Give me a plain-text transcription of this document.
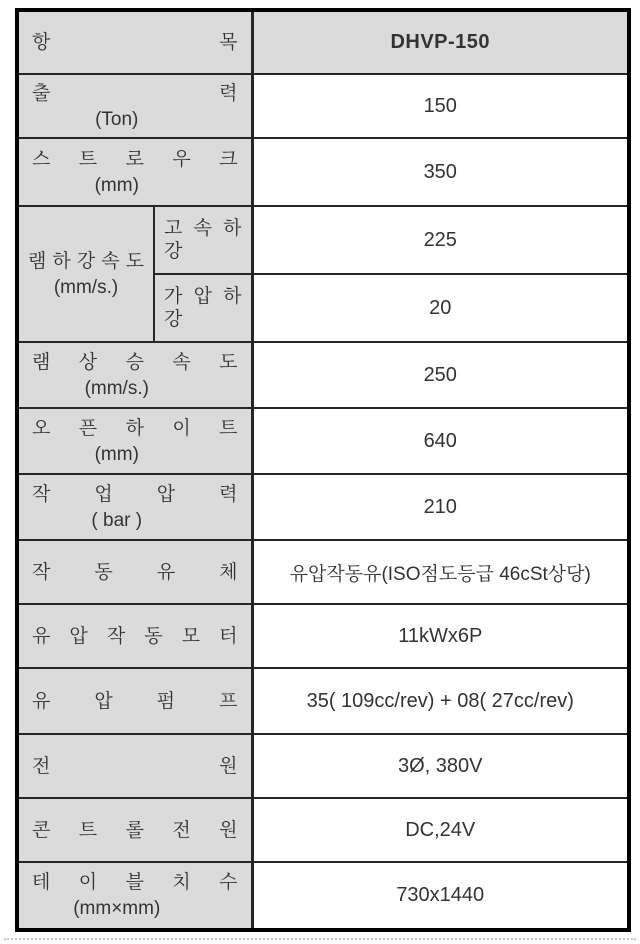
항 목		DHVP-150

출 력
(Ton)		150

스 트 로 우 크
(mm)		350

램 하 강 속 도
(mm/s.)	고 속 하 강	225

	가 압 하 강	20

램 상 승 속 도
(mm/s.)		250

오 픈 하 이 트
(mm)		640

작 업 압 력
( bar )		210

작 동 유 체		유압작동유(ISO점도등급 46cSt상당)

유 압 작 동 모 터		11kWx6P

유 압 펌 프		35( 109cc/rev) + 08( 27cc/rev)

전 원		3Ø, 380V

콘 트 롤 전 원		DC,24V

테 이 블 치 수
(mm×mm)		730x1440
